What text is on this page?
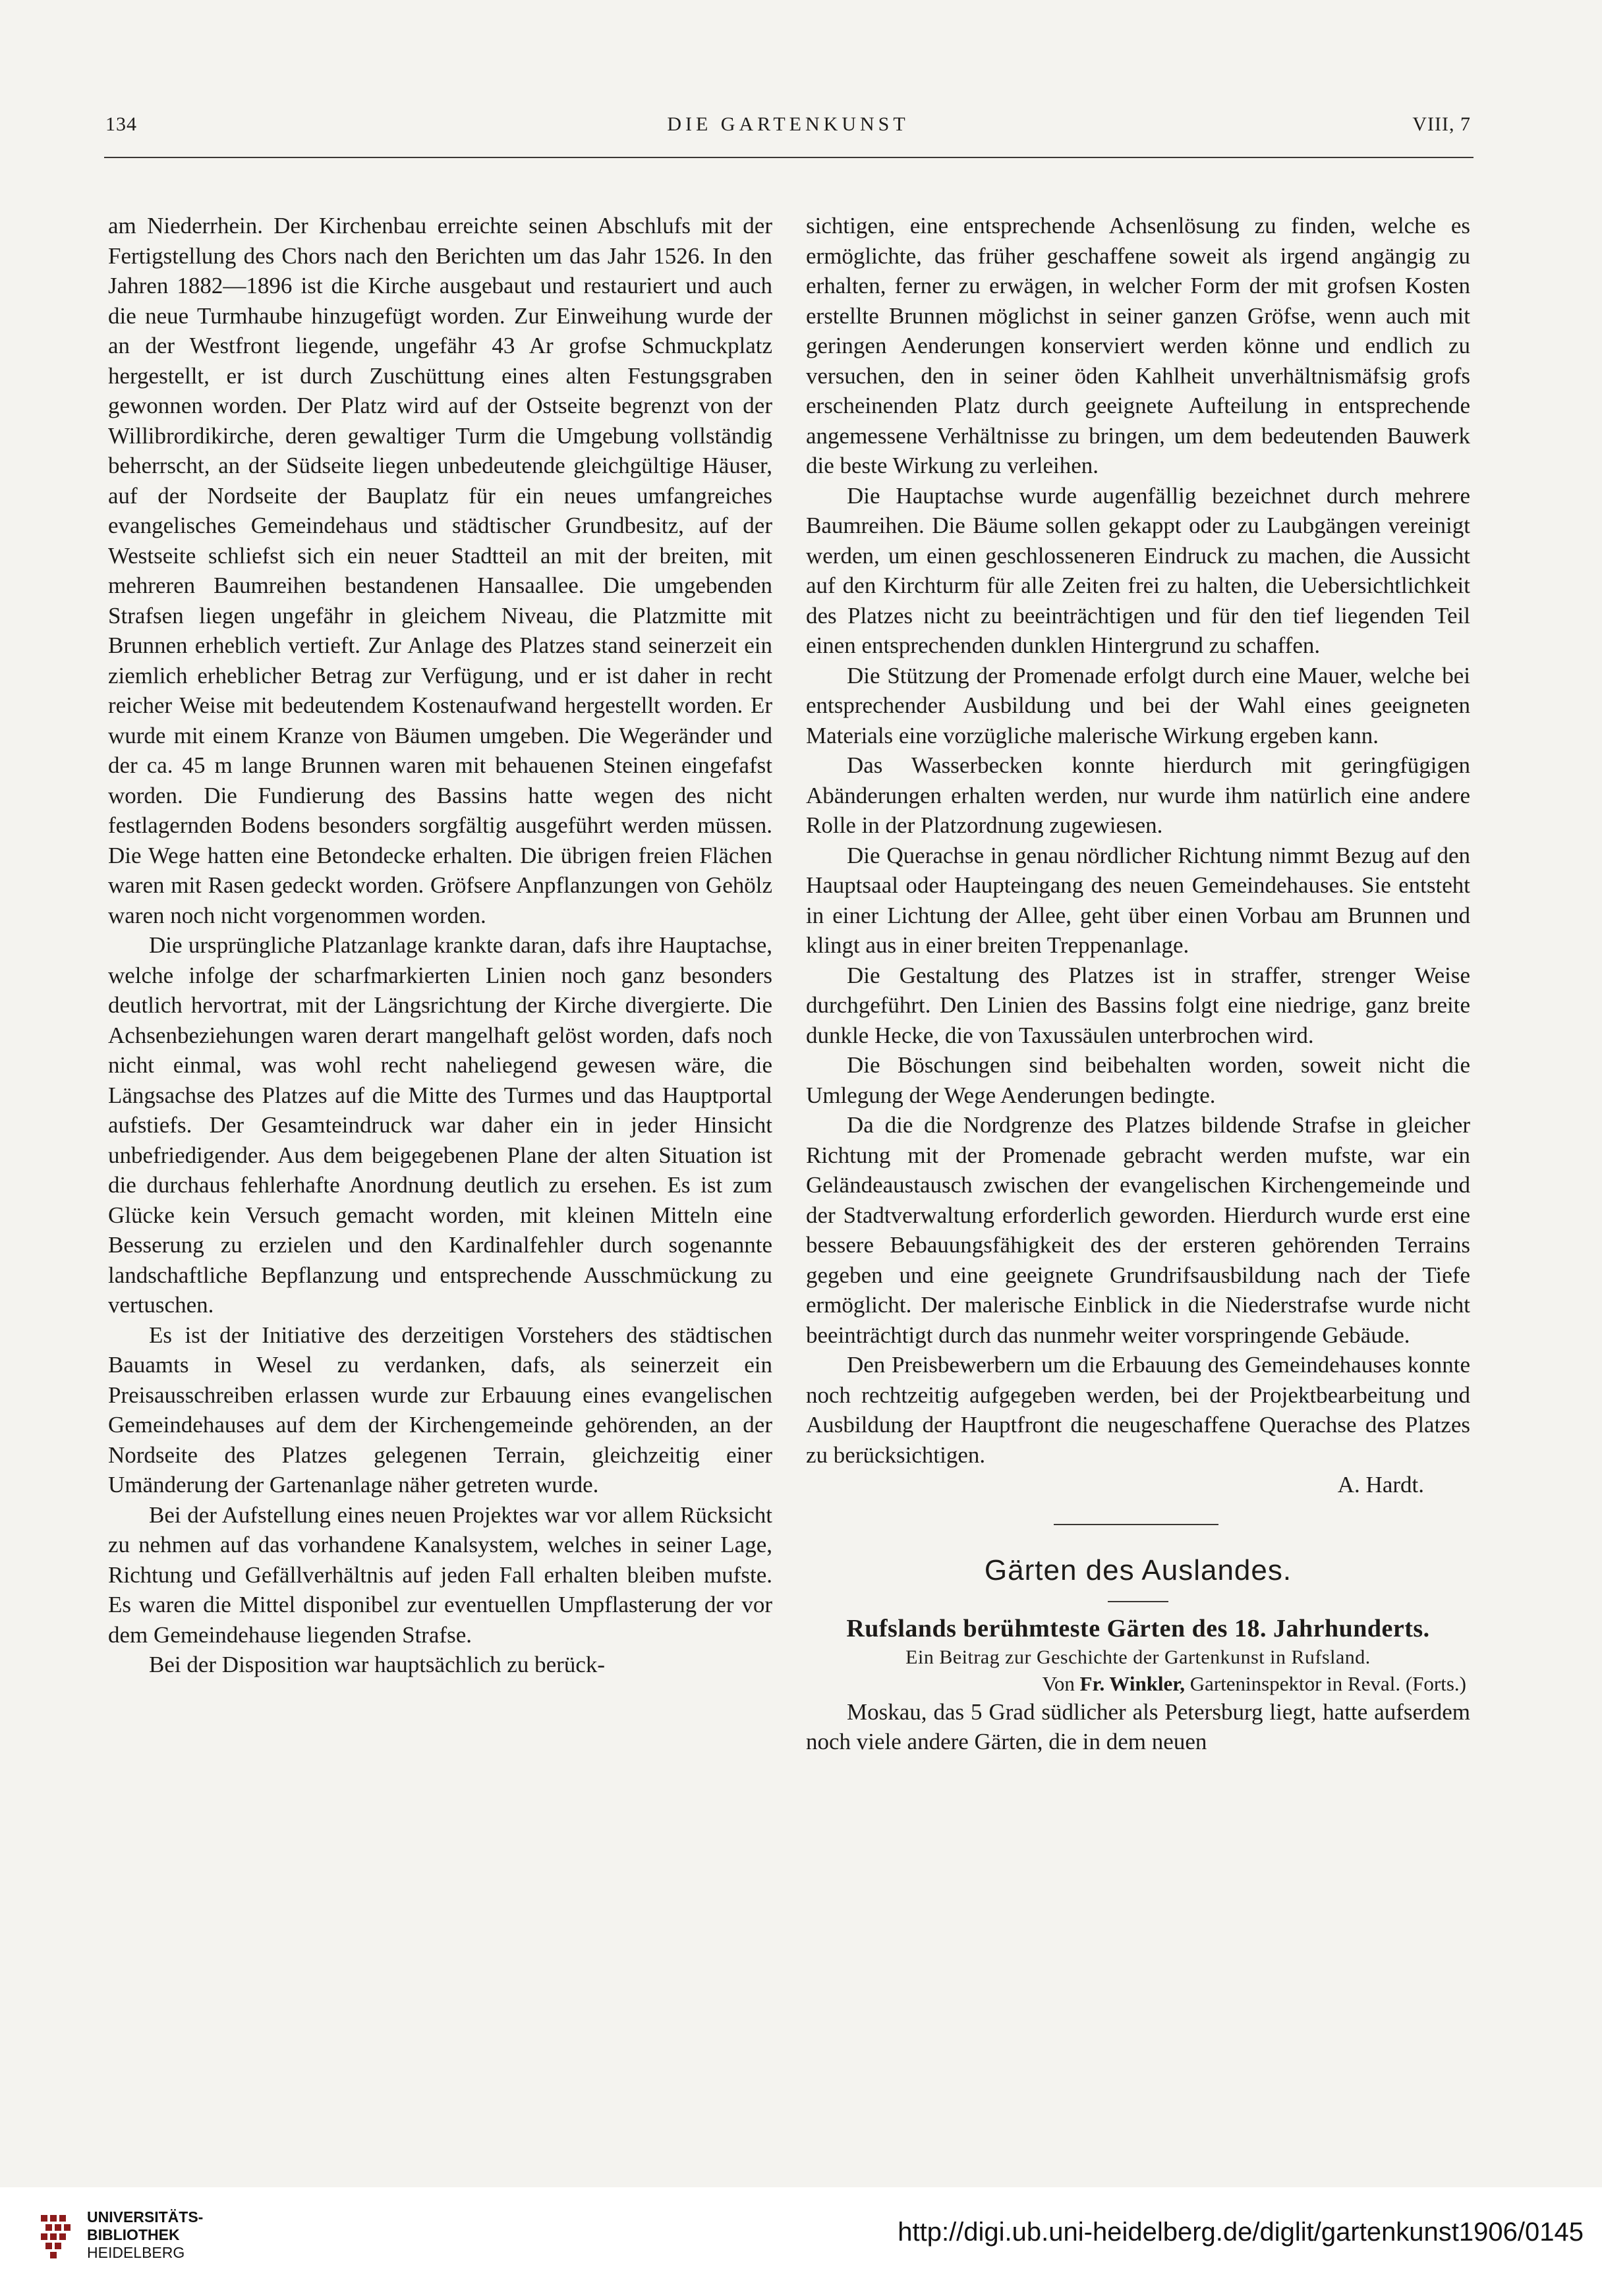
134	DIE GARTENKUNST	VIII, 7

am Niederrhein. Der Kirchenbau erreichte seinen Abschlufs mit der Fertigstellung des Chors nach den Berichten um das Jahr 1526. In den Jahren 1882—1896 ist die Kirche ausgebaut und restauriert und auch die neue Turmhaube hinzugefügt worden. Zur Einweihung wurde der an der Westfront liegende, ungefähr 43 Ar grofse Schmuckplatz hergestellt, er ist durch Zuschüttung eines alten Festungsgraben gewonnen worden. Der Platz wird auf der Ostseite begrenzt von der Willibrordikirche, deren gewaltiger Turm die Umgebung vollständig beherrscht, an der Südseite liegen unbedeutende gleichgültige Häuser, auf der Nordseite der Bauplatz für ein neues umfangreiches evangelisches Gemeindehaus und städtischer Grundbesitz, auf der Westseite schliefst sich ein neuer Stadtteil an mit der breiten, mit mehreren Baumreihen bestandenen Hansaallee. Die umgebenden Strafsen liegen ungefähr in gleichem Niveau, die Platzmitte mit Brunnen erheblich vertieft. Zur Anlage des Platzes stand seinerzeit ein ziemlich erheblicher Betrag zur Verfügung, und er ist daher in recht reicher Weise mit bedeutendem Kostenaufwand hergestellt worden. Er wurde mit einem Kranze von Bäumen umgeben. Die Wegeränder und der ca. 45 m lange Brunnen waren mit behauenen Steinen eingefafst worden. Die Fundierung des Bassins hatte wegen des nicht festlagernden Bodens besonders sorgfältig ausgeführt werden müssen. Die Wege hatten eine Betondecke erhalten. Die übrigen freien Flächen waren mit Rasen gedeckt worden. Gröfsere Anpflanzungen von Gehölz waren noch nicht vorgenommen worden.

Die ursprüngliche Platzanlage krankte daran, dafs ihre Hauptachse, welche infolge der scharfmarkierten Linien noch ganz besonders deutlich hervortrat, mit der Längsrichtung der Kirche divergierte. Die Achsenbeziehungen waren derart mangelhaft gelöst worden, dafs noch nicht einmal, was wohl recht naheliegend gewesen wäre, die Längsachse des Platzes auf die Mitte des Turmes und das Hauptportal aufstiefs. Der Gesamteindruck war daher ein in jeder Hinsicht unbefriedigender. Aus dem beigegebenen Plane der alten Situation ist die durchaus fehlerhafte Anordnung deutlich zu ersehen. Es ist zum Glücke kein Versuch gemacht worden, mit kleinen Mitteln eine Besserung zu erzielen und den Kardinalfehler durch sogenannte landschaftliche Bepflanzung und entsprechende Ausschmückung zu vertuschen.

Es ist der Initiative des derzeitigen Vorstehers des städtischen Bauamts in Wesel zu verdanken, dafs, als seinerzeit ein Preisausschreiben erlassen wurde zur Erbauung eines evangelischen Gemeindehauses auf dem der Kirchengemeinde gehörenden, an der Nordseite des Platzes gelegenen Terrain, gleichzeitig einer Umänderung der Gartenanlage näher getreten wurde.

Bei der Aufstellung eines neuen Projektes war vor allem Rücksicht zu nehmen auf das vorhandene Kanalsystem, welches in seiner Lage, Richtung und Gefällverhältnis auf jeden Fall erhalten bleiben mufste. Es waren die Mittel disponibel zur eventuellen Umpflasterung der vor dem Gemeindehause liegenden Strafse.

Bei der Disposition war hauptsächlich zu berück-

sichtigen, eine entsprechende Achsenlösung zu finden, welche es ermöglichte, das früher geschaffene soweit als irgend angängig zu erhalten, ferner zu erwägen, in welcher Form der mit grofsen Kosten erstellte Brunnen möglichst in seiner ganzen Gröfse, wenn auch mit geringen Aenderungen konserviert werden könne und endlich zu versuchen, den in seiner öden Kahlheit unverhältnismäfsig grofs erscheinenden Platz durch geeignete Aufteilung in entsprechende angemessene Verhältnisse zu bringen, um dem bedeutenden Bauwerk die beste Wirkung zu verleihen.

Die Hauptachse wurde augenfällig bezeichnet durch mehrere Baumreihen. Die Bäume sollen gekappt oder zu Laubgängen vereinigt werden, um einen geschlosseneren Eindruck zu machen, die Aussicht auf den Kirchturm für alle Zeiten frei zu halten, die Uebersichtlichkeit des Platzes nicht zu beeinträchtigen und für den tief liegenden Teil einen entsprechenden dunklen Hintergrund zu schaffen.

Die Stützung der Promenade erfolgt durch eine Mauer, welche bei entsprechender Ausbildung und bei der Wahl eines geeigneten Materials eine vorzügliche malerische Wirkung ergeben kann.

Das Wasserbecken konnte hierdurch mit geringfügigen Abänderungen erhalten werden, nur wurde ihm natürlich eine andere Rolle in der Platzordnung zugewiesen.

Die Querachse in genau nördlicher Richtung nimmt Bezug auf den Hauptsaal oder Haupteingang des neuen Gemeindehauses. Sie entsteht in einer Lichtung der Allee, geht über einen Vorbau am Brunnen und klingt aus in einer breiten Treppenanlage.

Die Gestaltung des Platzes ist in straffer, strenger Weise durchgeführt. Den Linien des Bassins folgt eine niedrige, ganz breite dunkle Hecke, die von Taxussäulen unterbrochen wird.

Die Böschungen sind beibehalten worden, soweit nicht die Umlegung der Wege Aenderungen bedingte.

Da die die Nordgrenze des Platzes bildende Strafse in gleicher Richtung mit der Promenade gebracht werden mufste, war ein Geländeaustausch zwischen der evangelischen Kirchengemeinde und der Stadtverwaltung erforderlich geworden. Hierdurch wurde erst eine bessere Bebauungsfähigkeit des der ersteren gehörenden Terrains gegeben und eine geeignete Grundrifsausbildung nach der Tiefe ermöglicht. Der malerische Einblick in die Niederstrafse wurde nicht beeinträchtigt durch das nunmehr weiter vorspringende Gebäude.

Den Preisbewerbern um die Erbauung des Gemeindehauses konnte noch rechtzeitig aufgegeben werden, bei der Projektbearbeitung und Ausbildung der Hauptfront die neugeschaffene Querachse des Platzes zu berücksichtigen.

A. Hardt.
Gärten des Auslandes.
Rufslands berühmteste Gärten des 18. Jahrhunderts.
Ein Beitrag zur Geschichte der Gartenkunst in Rufsland.
Von Fr. Winkler, Garteninspektor in Reval. (Forts.)

Moskau, das 5 Grad südlicher als Petersburg liegt, hatte aufserdem noch viele andere Gärten, die in dem neuen

UNIVERSITÄTS-
BIBLIOTHEK
HEIDELBERG
http://digi.ub.uni-heidelberg.de/diglit/gartenkunst1906/0145
